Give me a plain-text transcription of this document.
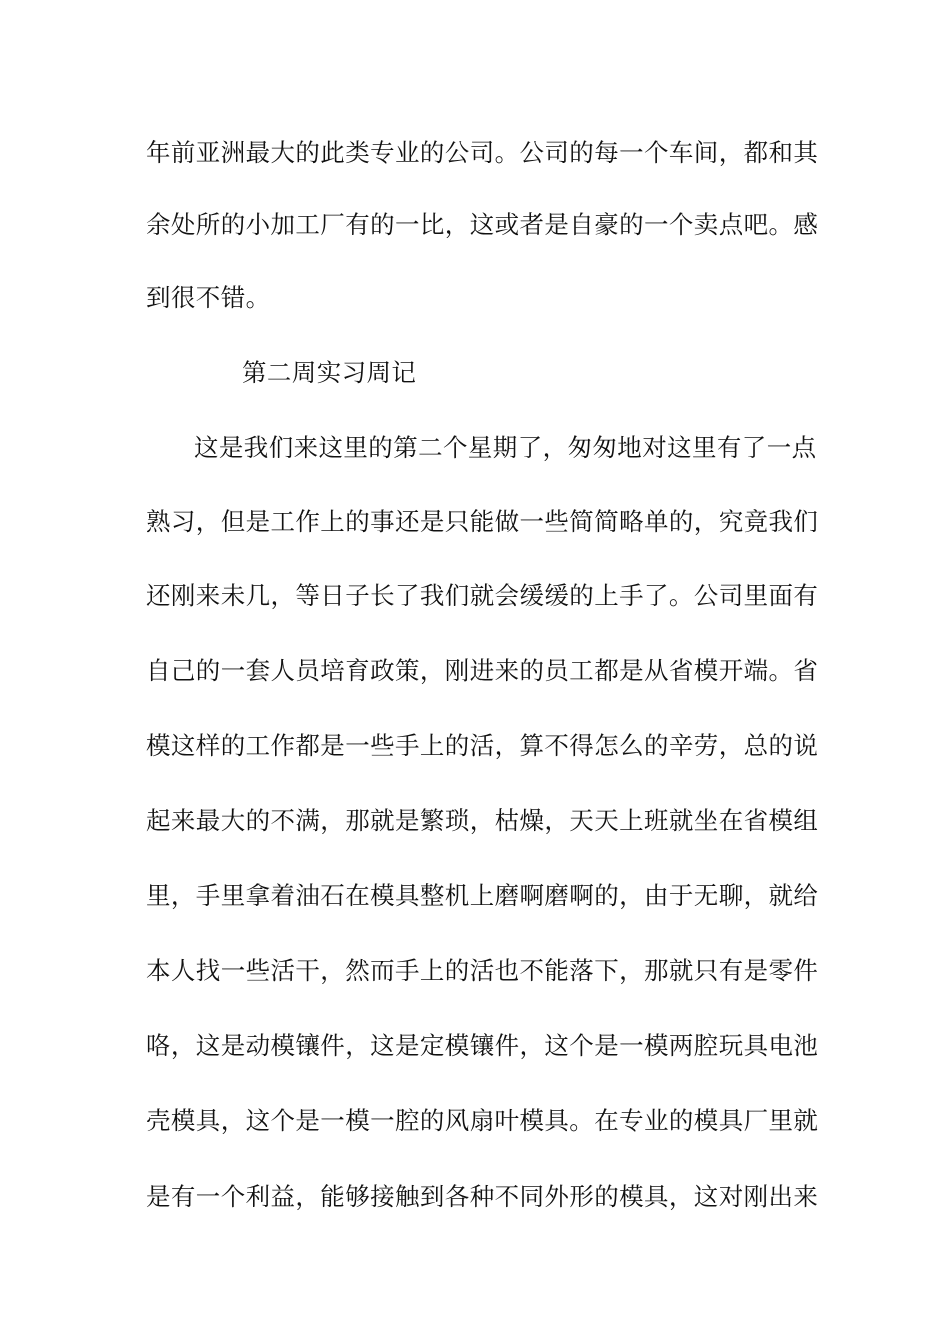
年前亚洲最大的此类专业的公司。公司的每一个车间，都和其
余处所的小加工厂有的一比，这或者是自豪的一个卖点吧。感
到很不错。
第二周实习周记
这是我们来这里的第二个星期了，匆匆地对这里有了一点
熟习，但是工作上的事还是只能做一些简简略单的，究竟我们
还刚来未几，等日子长了我们就会缓缓的上手了。公司里面有
自己的一套人员培育政策，刚进来的员工都是从省模开端。省
模这样的工作都是一些手上的活，算不得怎么的辛劳，总的说
起来最大的不满，那就是繁琐，枯燥，天天上班就坐在省模组
里，手里拿着油石在模具整机上磨啊磨啊的，由于无聊，就给
本人找一些活干，然而手上的活也不能落下，那就只有是零件
咯，这是动模镶件，这是定模镶件，这个是一模两腔玩具电池
壳模具，这个是一模一腔的风扇叶模具。在专业的模具厂里就
是有一个利益，能够接触到各种不同外形的模具，这对刚出来
